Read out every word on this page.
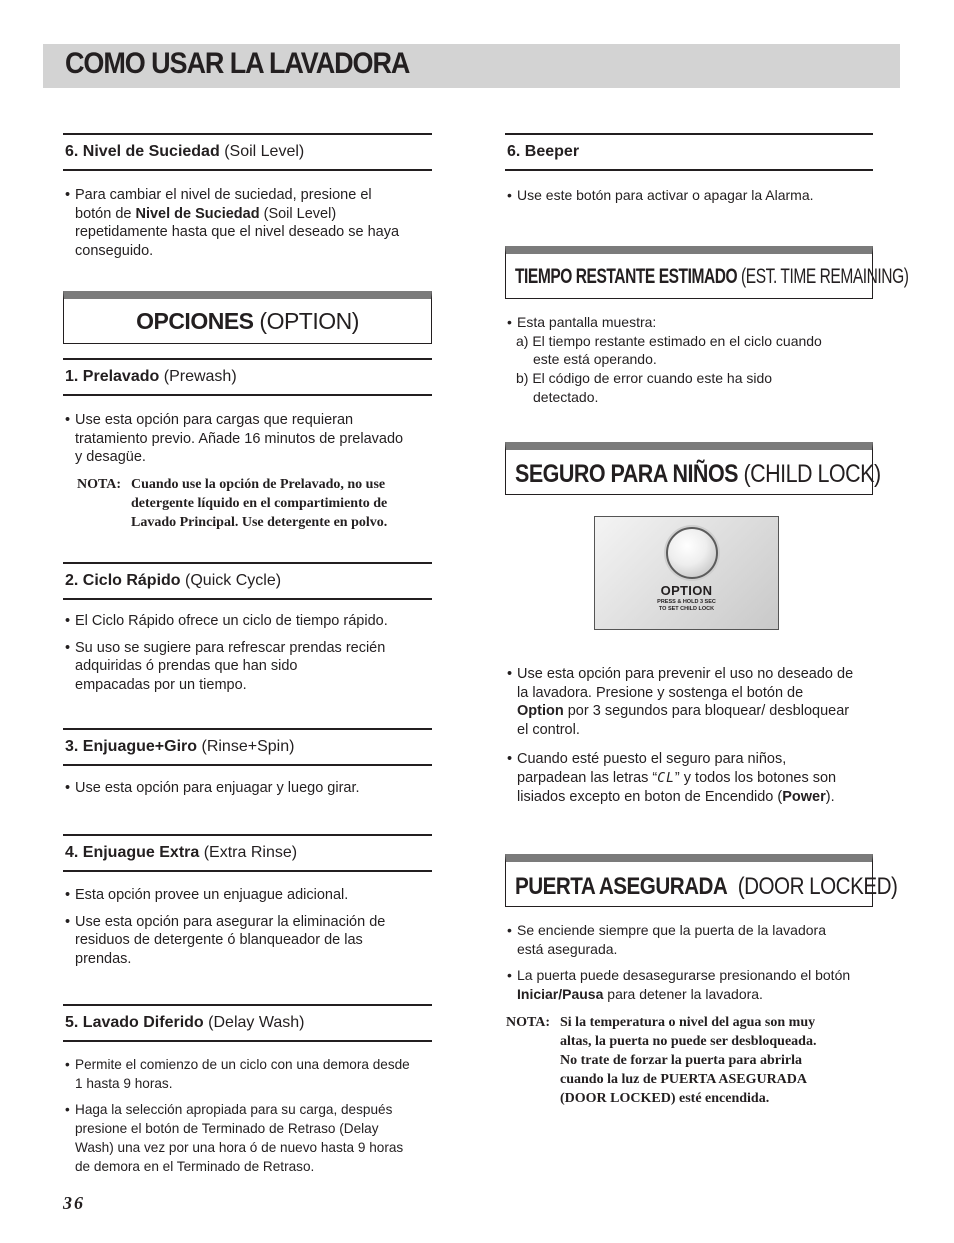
COMO USAR LA LAVADORA
6. Nivel de Suciedad (Soil Level)
• Para cambiar el nivel de suciedad, presione el
botón de Nivel de Suciedad (Soil Level)
repetidamente hasta que el nivel deseado se haya
conseguido.
OPCIONES (OPTION)
1. Prelavado (Prewash)
• Use esta opción para cargas que requieran
tratamiento previo. Añade 16 minutos de prelavado
y desagüe.
NOTA: Cuando use la opción de Prelavado, no use
detergente líquido en el compartimiento de
Lavado Principal. Use detergente en polvo.
2. Ciclo Rápido (Quick Cycle)
• El Ciclo Rápido ofrece un ciclo de tiempo rápido.
• Su uso se sugiere para refrescar prendas recién
adquiridas ó prendas que han sido
empacadas por un tiempo.
3. Enjuague+Giro (Rinse+Spin)
• Use esta opción para enjuagar y luego girar.
4. Enjuague Extra (Extra Rinse)
• Esta opción provee un enjuague adicional.
• Use esta opción para asegurar la eliminación de
residuos de detergente ó blanqueador de las
prendas.
5. Lavado Diferido (Delay Wash)
• Permite el comienzo de un ciclo con una demora desde
1 hasta 9 horas.
• Haga la selección apropiada para su carga, después
presione el botón de Terminado de Retraso (Delay
Wash) una vez por una hora ó de nuevo hasta 9 horas
de demora en el Terminado de Retraso.
36
6. Beeper
• Use este botón para activar o apagar la Alarma.
TIEMPO RESTANTE ESTIMADO (EST. TIME REMAINING)
• Esta pantalla muestra:
a) El tiempo restante estimado en el ciclo cuando
este está operando.
b) El código de error cuando este ha sido
detectado.
SEGURO PARA NIÑOS (CHILD LOCK)
OPTION
PRESS & HOLD 3 SEC
TO SET CHILD LOCK
• Use esta opción para prevenir el uso no deseado de
la lavadora. Presione y sostenga el botón de
Option por 3 segundos para bloquear/ desbloquear
el control.
• Cuando esté puesto el seguro para niños,
parpadean las letras “CL” y todos los botones son
lisiados excepto en boton de Encendido (Power).
PUERTA ASEGURADA (DOOR LOCKED)
• Se enciende siempre que la puerta de la lavadora
está asegurada.
• La puerta puede desasegurarse presionando el botón
Iniciar/Pausa para detener la lavadora.
NOTA: Si la temperatura o nivel del agua son muy
altas, la puerta no puede ser desbloqueada.
No trate de forzar la puerta para abrirla
cuando la luz de PUERTA ASEGURADA
(DOOR LOCKED) esté encendida.
